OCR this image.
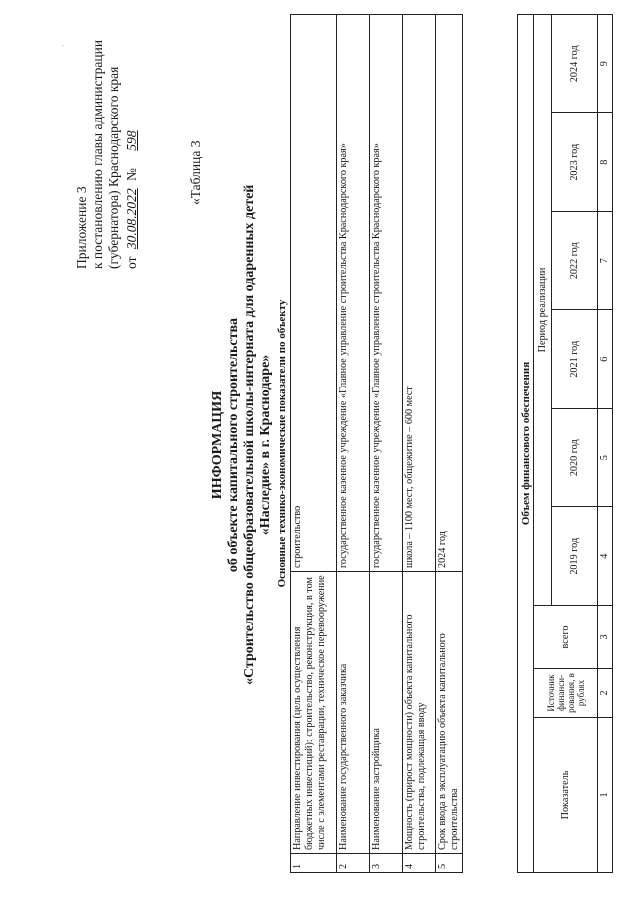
Приложение 3 к постановлению главы администрации (губернатора) Краснодарского края от 30.08.2022 № 598	«Таблица 3
ИНФОРМАЦИЯ об объекте капитального строительства «Строительство общеобразовательной школы-интерната для одаренных детей «Наследие» в г. Краснодаре» Основные технико-экономические показатели по объекту
1	Направление инвестирования (цель осуществления бюджетных инвестиций): строительство, реконструкция, в том числе с элементами реставрации, техническое перевооружение	строительство
2	Наименование государственного заказчика	государственное казенное учреждение «Главное управление строительства Краснодарского края»
3	Наименование застройщика	государственное казенное учреждение «Главное управление строительства Краснодарского края»
4	Мощность (прирост мощности) объекта капитального строительства, подлежащая вводу	школа – 1100 мест, общежитие – 600 мест
5	Срок ввода в эксплуатацию объекта капитального строительства	2024 год
Объем финансового обеспечения								
Показатель	Источник финанси-рования, в рублях	всего	Период реализации					
			2019 год	2020 год	2021 год	2022 год	2023 год	2024 год
1	2	3	4	5	6	7	8	9
·
